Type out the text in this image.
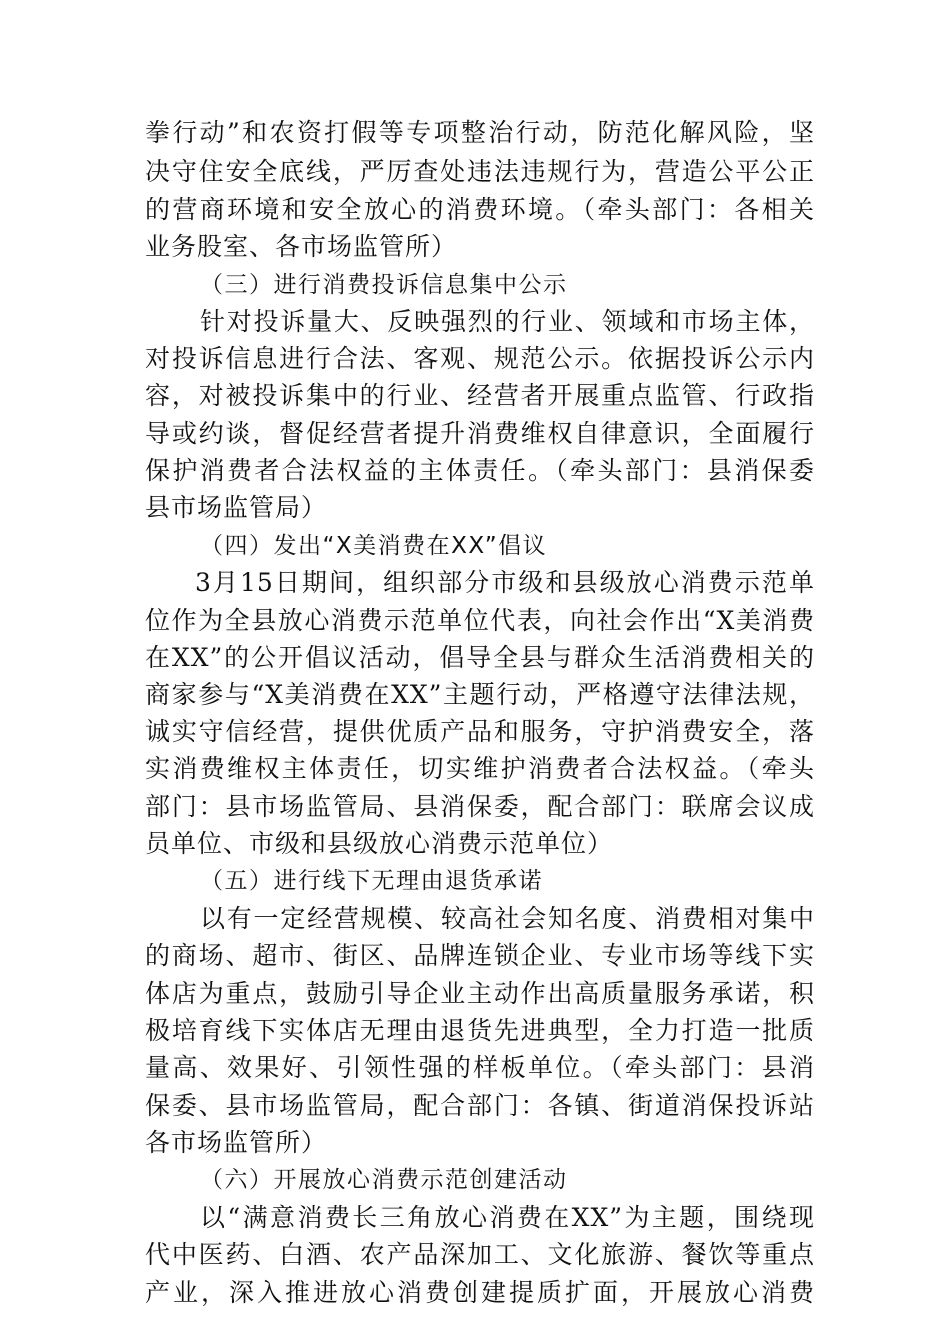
拳行动”和农资打假等专项整治行动，防范化解风险，坚
决守住安全底线，严厉查处违法违规行为，营造公平公正
的营商环境和安全放心的消费环境。（牵头部门：各相关
业务股室、各市场监管所）
（三）进行消费投诉信息集中公示
针对投诉量大、反映强烈的行业、领域和市场主体，
对投诉信息进行合法、客观、规范公示。依据投诉公示内
容，对被投诉集中的行业、经营者开展重点监管、行政指
导或约谈，督促经营者提升消费维权自律意识，全面履行
保护消费者合法权益的主体责任。（牵头部门：县消保委
县市场监管局）
（四）发出“X美消费在XX”倡议
3月15日期间，组织部分市级和县级放心消费示范单
位作为全县放心消费示范单位代表，向社会作出“X美消费
在XX”的公开倡议活动，倡导全县与群众生活消费相关的
商家参与“X美消费在XX”主题行动，严格遵守法律法规，
诚实守信经营，提供优质产品和服务，守护消费安全，落
实消费维权主体责任，切实维护消费者合法权益。（牵头
部门：县市场监管局、县消保委，配合部门：联席会议成
员单位、市级和县级放心消费示范单位）
（五）进行线下无理由退货承诺
以有一定经营规模、较高社会知名度、消费相对集中
的商场、超市、街区、品牌连锁企业、专业市场等线下实
体店为重点，鼓励引导企业主动作出高质量服务承诺，积
极培育线下实体店无理由退货先进典型，全力打造一批质
量高、效果好、引领性强的样板单位。（牵头部门：县消
保委、县市场监管局，配合部门：各镇、街道消保投诉站
各市场监管所）
（六）开展放心消费示范创建活动
以“满意消费长三角放心消费在XX”为主题，围绕现
代中医药、白酒、农产品深加工、文化旅游、餐饮等重点
产业，深入推进放心消费创建提质扩面，开展放心消费
